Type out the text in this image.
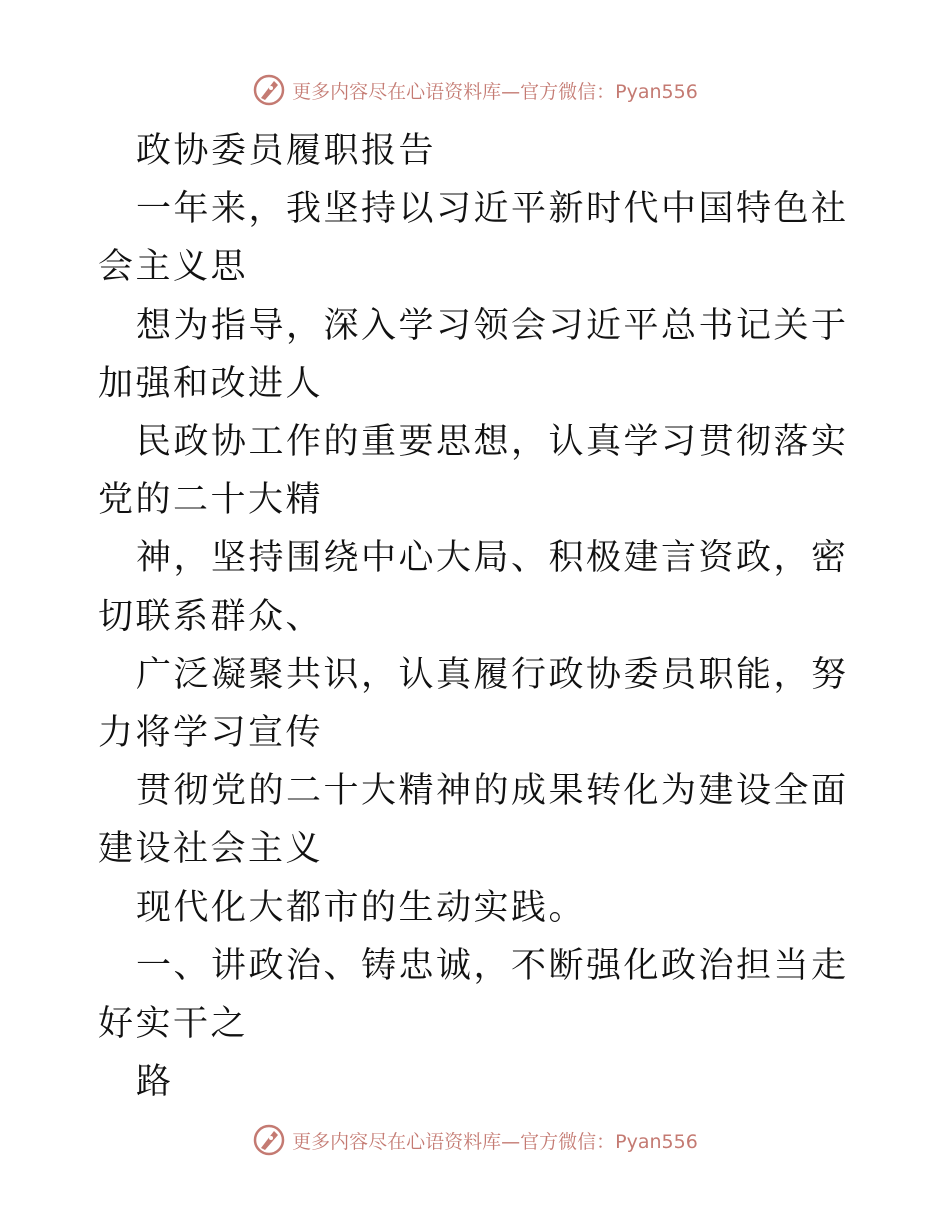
更多内容尽在心语资料库—官方微信：Pyan556

政协委员履职报告

一年来，我坚持以习近平新时代中国特色社会主义思

想为指导，深入学习领会习近平总书记关于加强和改进人

民政协工作的重要思想，认真学习贯彻落实党的二十大精

神，坚持围绕中心大局、积极建言资政，密切联系群众、

广泛凝聚共识，认真履行政协委员职能，努力将学习宣传

贯彻党的二十大精神的成果转化为建设全面建设社会主义

现代化大都市的生动实践。

一、讲政治、铸忠诚，不断强化政治担当走好实干之

路

更多内容尽在心语资料库—官方微信：Pyan556
